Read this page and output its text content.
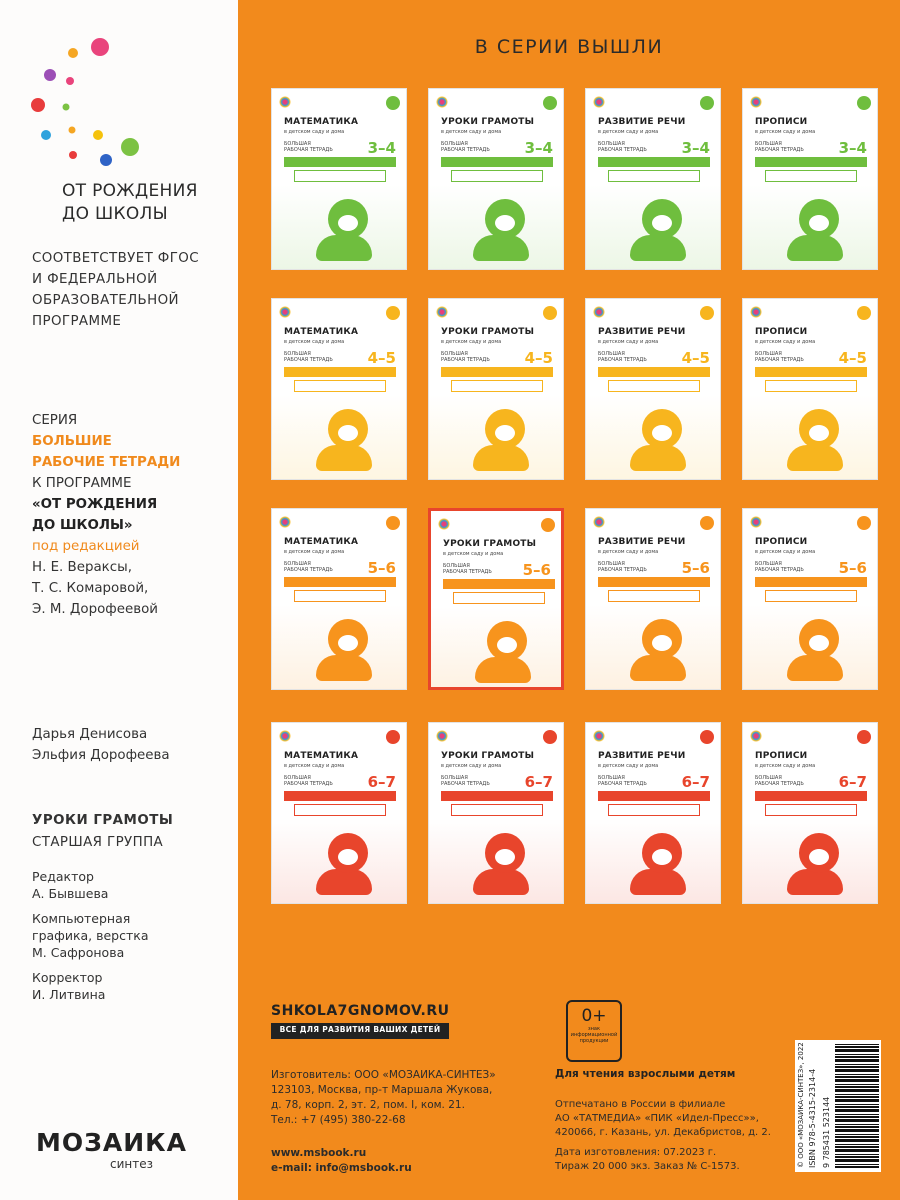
ОТ РОЖДЕНИЯ
ДО ШКОЛЫ
СООТВЕТСТВУЕТ ФГОС
И ФЕДЕРАЛЬНОЙ
ОБРАЗОВАТЕЛЬНОЙ
ПРОГРАММЕ
СЕРИЯ
БОЛЬШИЕ
РАБОЧИЕ ТЕТРАДИ
К ПРОГРАММЕ
«ОТ РОЖДЕНИЯ
ДО ШКОЛЫ»
под редакцией
Н. Е. Вераксы,
Т. С. Комаровой,
Э. М. Дорофеевой
Дарья Денисова
Эльфия Дорофеева
УРОКИ ГРАМОТЫ
СТАРШАЯ ГРУППА
Редактор
А. Бывшева
Компьютерная
графика, верстка
М. Сафронова
Корректор
И. Литвина
МОЗАИКА
синтез
В СЕРИИ ВЫШЛИ
МАТЕМАТИКА
в детском саду и дома
БОЛЬШАЯ РАБОЧАЯ ТЕТРАДЬ 3–4
УРОКИ ГРАМОТЫ
в детском саду и дома
БОЛЬШАЯ РАБОЧАЯ ТЕТРАДЬ 3–4
РАЗВИТИЕ РЕЧИ
в детском саду и дома
БОЛЬШАЯ РАБОЧАЯ ТЕТРАДЬ 3–4
ПРОПИСИ
в детском саду и дома
БОЛЬШАЯ РАБОЧАЯ ТЕТРАДЬ 3–4
МАТЕМАТИКА
в детском саду и дома
БОЛЬШАЯ РАБОЧАЯ ТЕТРАДЬ 4–5
УРОКИ ГРАМОТЫ
в детском саду и дома
БОЛЬШАЯ РАБОЧАЯ ТЕТРАДЬ 4–5
РАЗВИТИЕ РЕЧИ
в детском саду и дома
БОЛЬШАЯ РАБОЧАЯ ТЕТРАДЬ 4–5
ПРОПИСИ
в детском саду и дома
БОЛЬШАЯ РАБОЧАЯ ТЕТРАДЬ 4–5
МАТЕМАТИКА
в детском саду и дома
БОЛЬШАЯ РАБОЧАЯ ТЕТРАДЬ 5–6
УРОКИ ГРАМОТЫ
в детском саду и дома
БОЛЬШАЯ РАБОЧАЯ ТЕТРАДЬ 5–6
РАЗВИТИЕ РЕЧИ
в детском саду и дома
БОЛЬШАЯ РАБОЧАЯ ТЕТРАДЬ 5–6
ПРОПИСИ
в детском саду и дома
БОЛЬШАЯ РАБОЧАЯ ТЕТРАДЬ 5–6
МАТЕМАТИКА
в детском саду и дома
БОЛЬШАЯ РАБОЧАЯ ТЕТРАДЬ 6–7
УРОКИ ГРАМОТЫ
в детском саду и дома
БОЛЬШАЯ РАБОЧАЯ ТЕТРАДЬ 6–7
РАЗВИТИЕ РЕЧИ
в детском саду и дома
БОЛЬШАЯ РАБОЧАЯ ТЕТРАДЬ 6–7
ПРОПИСИ
в детском саду и дома
БОЛЬШАЯ РАБОЧАЯ ТЕТРАДЬ 6–7
SHKOLA7GNOMOV.RU
ВСЕ ДЛЯ РАЗВИТИЯ ВАШИХ ДЕТЕЙ
0+
знак информационной продукции
Изготовитель: ООО «МОЗАИКА-СИНТЕЗ»
123103, Москва, пр-т Маршала Жукова,
д. 78, корп. 2, эт. 2, пом. I, ком. 21.
Тел.: +7 (495) 380-22-68
www.msbook.ru
e-mail: info@msbook.ru
Для чтения взрослыми детям
Отпечатано в России в филиале
АО «ТАТМЕДИА» «ПИК «Идел-Пресс»»,
420066, г. Казань, ул. Декабристов, д. 2.
Дата изготовления: 07.2023 г.
Тираж 20 000 экз. Заказ № С-1573.	© ООО «МОЗАИКА-СИНТЕЗ», 2022 ISBN 978-5-4315-2314-4 9 785431 523144
